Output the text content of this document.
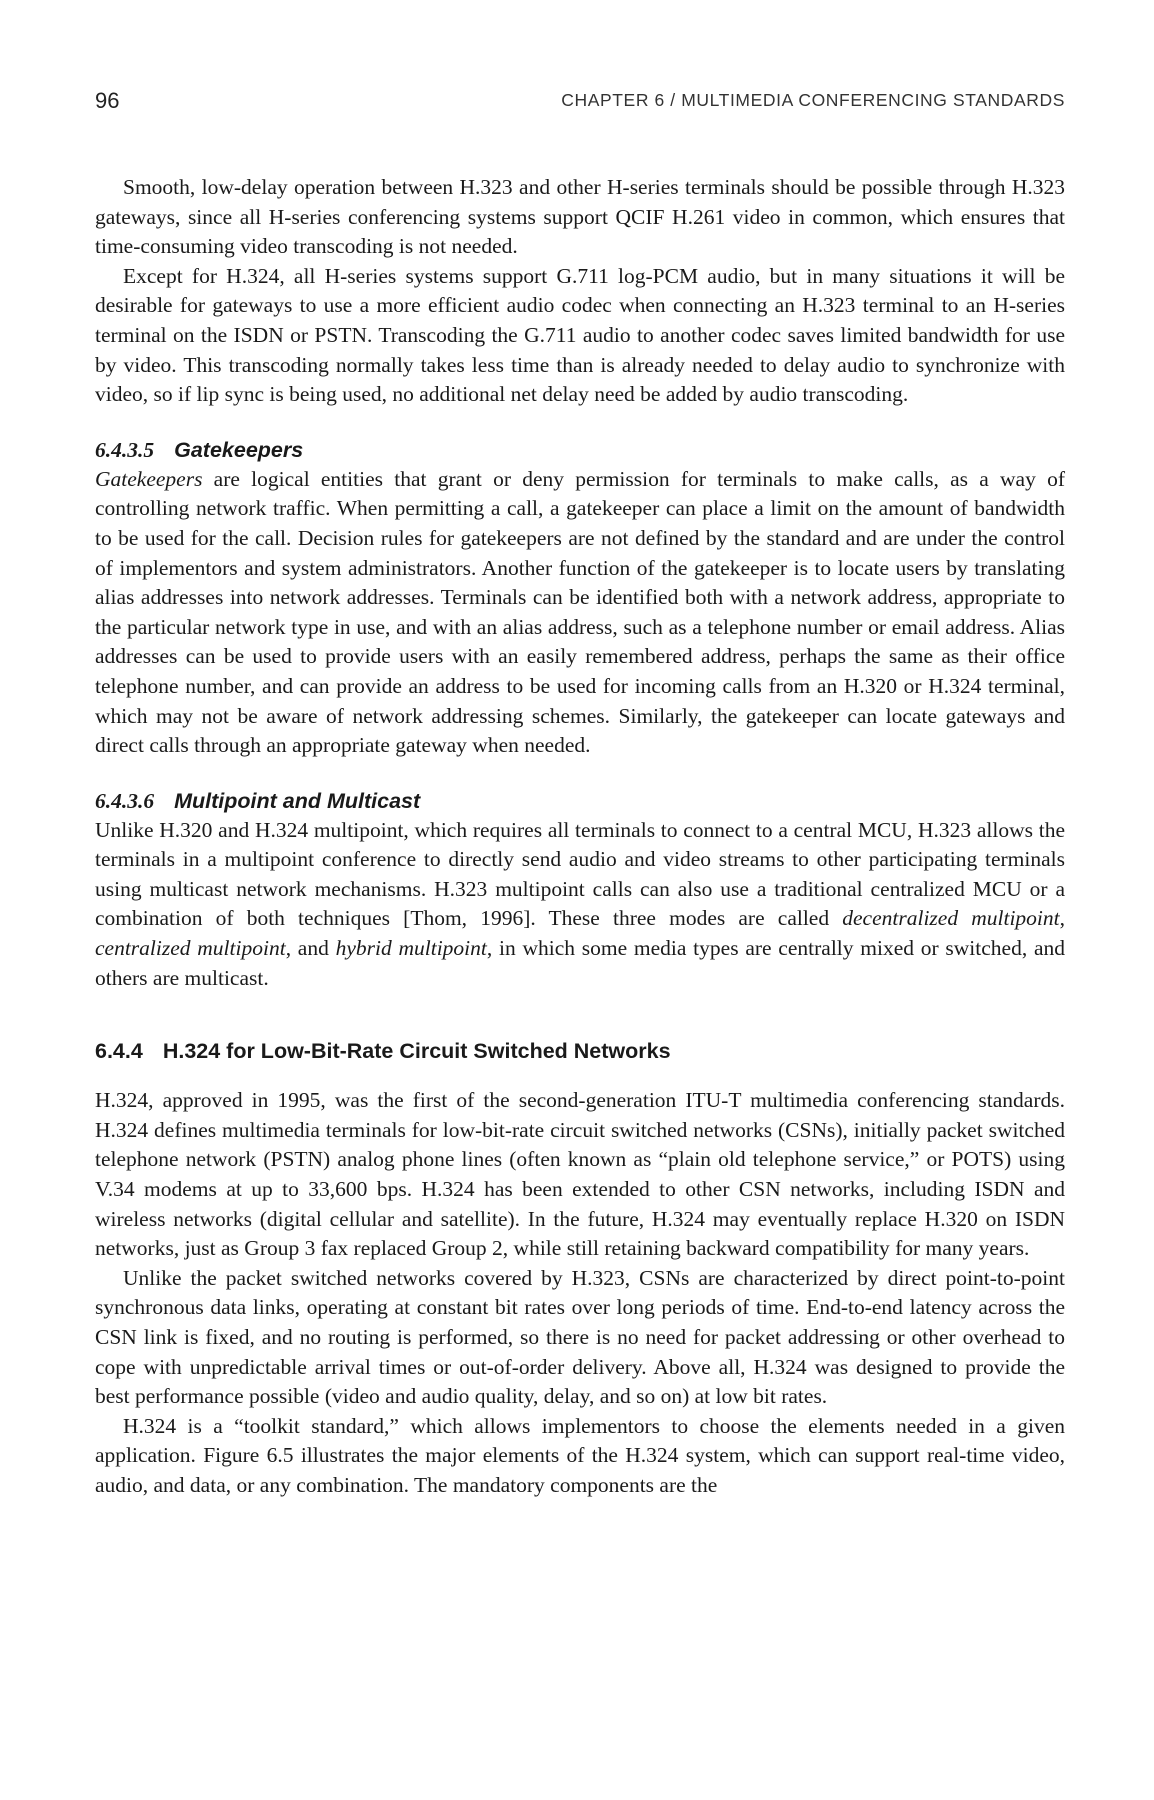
96	CHAPTER 6 / MULTIMEDIA CONFERENCING STANDARDS

Smooth, low-delay operation between H.323 and other H-series terminals should be possible through H.323 gateways, since all H-series conferencing systems support QCIF H.261 video in common, which ensures that time-consuming video transcoding is not needed.

Except for H.324, all H-series systems support G.711 log-PCM audio, but in many situations it will be desirable for gateways to use a more efficient audio codec when connecting an H.323 terminal to an H-series terminal on the ISDN or PSTN. Transcoding the G.711 audio to another codec saves limited bandwidth for use by video. This transcoding normally takes less time than is already needed to delay audio to synchronize with video, so if lip sync is being used, no additional net delay need be added by audio transcoding.

6.4.3.5 Gatekeepers

Gatekeepers are logical entities that grant or deny permission for terminals to make calls, as a way of controlling network traffic. When permitting a call, a gatekeeper can place a limit on the amount of bandwidth to be used for the call. Decision rules for gatekeepers are not defined by the standard and are under the control of implementors and system administrators. Another function of the gatekeeper is to locate users by translating alias addresses into network addresses. Terminals can be identified both with a network address, appropriate to the particular network type in use, and with an alias address, such as a telephone number or email address. Alias addresses can be used to provide users with an easily remembered address, perhaps the same as their office telephone number, and can provide an address to be used for incoming calls from an H.320 or H.324 terminal, which may not be aware of network addressing schemes. Similarly, the gatekeeper can locate gateways and direct calls through an appropriate gateway when needed.

6.4.3.6 Multipoint and Multicast

Unlike H.320 and H.324 multipoint, which requires all terminals to connect to a central MCU, H.323 allows the terminals in a multipoint conference to directly send audio and video streams to other participating terminals using multicast network mechanisms. H.323 multipoint calls can also use a traditional centralized MCU or a combination of both techniques [Thom, 1996]. These three modes are called decentralized multipoint, centralized multipoint, and hybrid multipoint, in which some media types are centrally mixed or switched, and others are multicast.

6.4.4 H.324 for Low-Bit-Rate Circuit Switched Networks

H.324, approved in 1995, was the first of the second-generation ITU-T multimedia conferencing standards. H.324 defines multimedia terminals for low-bit-rate circuit switched networks (CSNs), initially packet switched telephone network (PSTN) analog phone lines (often known as “plain old telephone service,” or POTS) using V.34 modems at up to 33,600 bps. H.324 has been extended to other CSN networks, including ISDN and wireless networks (digital cellular and satellite). In the future, H.324 may eventually replace H.320 on ISDN networks, just as Group 3 fax replaced Group 2, while still retaining backward compatibility for many years.

Unlike the packet switched networks covered by H.323, CSNs are characterized by direct point-to-point synchronous data links, operating at constant bit rates over long periods of time. End-to-end latency across the CSN link is fixed, and no routing is performed, so there is no need for packet addressing or other overhead to cope with unpredictable arrival times or out-of-order delivery. Above all, H.324 was designed to provide the best performance possible (video and audio quality, delay, and so on) at low bit rates.

H.324 is a “toolkit standard,” which allows implementors to choose the elements needed in a given application. Figure 6.5 illustrates the major elements of the H.324 system, which can support real-time video, audio, and data, or any combination. The mandatory components are the
